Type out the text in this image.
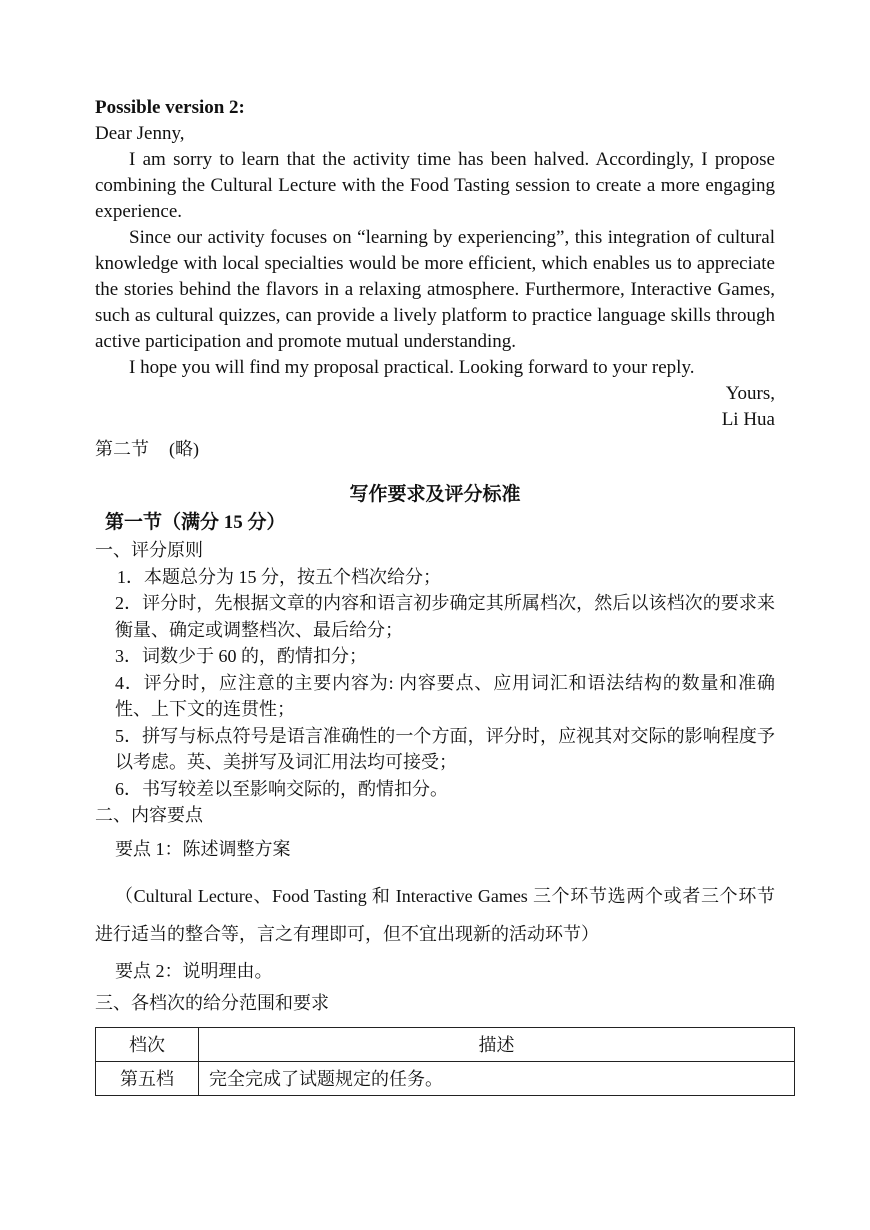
Possible version 2:

Dear Jenny,

I am sorry to learn that the activity time has been halved. Accordingly, I propose combining the Cultural Lecture with the Food Tasting session to create a more engaging experience.

Since our activity focuses on “learning by experiencing”, this integration of cultural knowledge with local specialties would be more efficient, which enables us to appreciate the stories behind the flavors in a relaxing atmosphere. Furthermore, Interactive Games, such as cultural quizzes, can provide a lively platform to practice language skills through active participation and promote mutual understanding.

I hope you will find my proposal practical. Looking forward to your reply.

Yours,

Li Hua

第二节 (略)
写作要求及评分标准
第一节（满分 15 分）
一、评分原则
1．本题总分为 15 分，按五个档次给分；
2．评分时，先根据文章的内容和语言初步确定其所属档次，然后以该档次的要求来衡量、确定或调整档次、最后给分；
3．词数少于 60 的，酌情扣分；
4．评分时，应注意的主要内容为: 内容要点、应用词汇和语法结构的数量和准确性、上下文的连贯性；
5．拼写与标点符号是语言准确性的一个方面，评分时，应视其对交际的影响程度予以考虑。英、美拼写及词汇用法均可接受；
6．书写较差以至影响交际的，酌情扣分。
二、内容要点
要点 1：陈述调整方案
（Cultural Lecture、Food Tasting 和 Interactive Games 三个环节选两个或者三个环节进行适当的整合等，言之有理即可，但不宜出现新的活动环节）
要点 2：说明理由。
三、各档次的给分范围和要求
档次	描述
第五档	完全完成了试题规定的任务。
